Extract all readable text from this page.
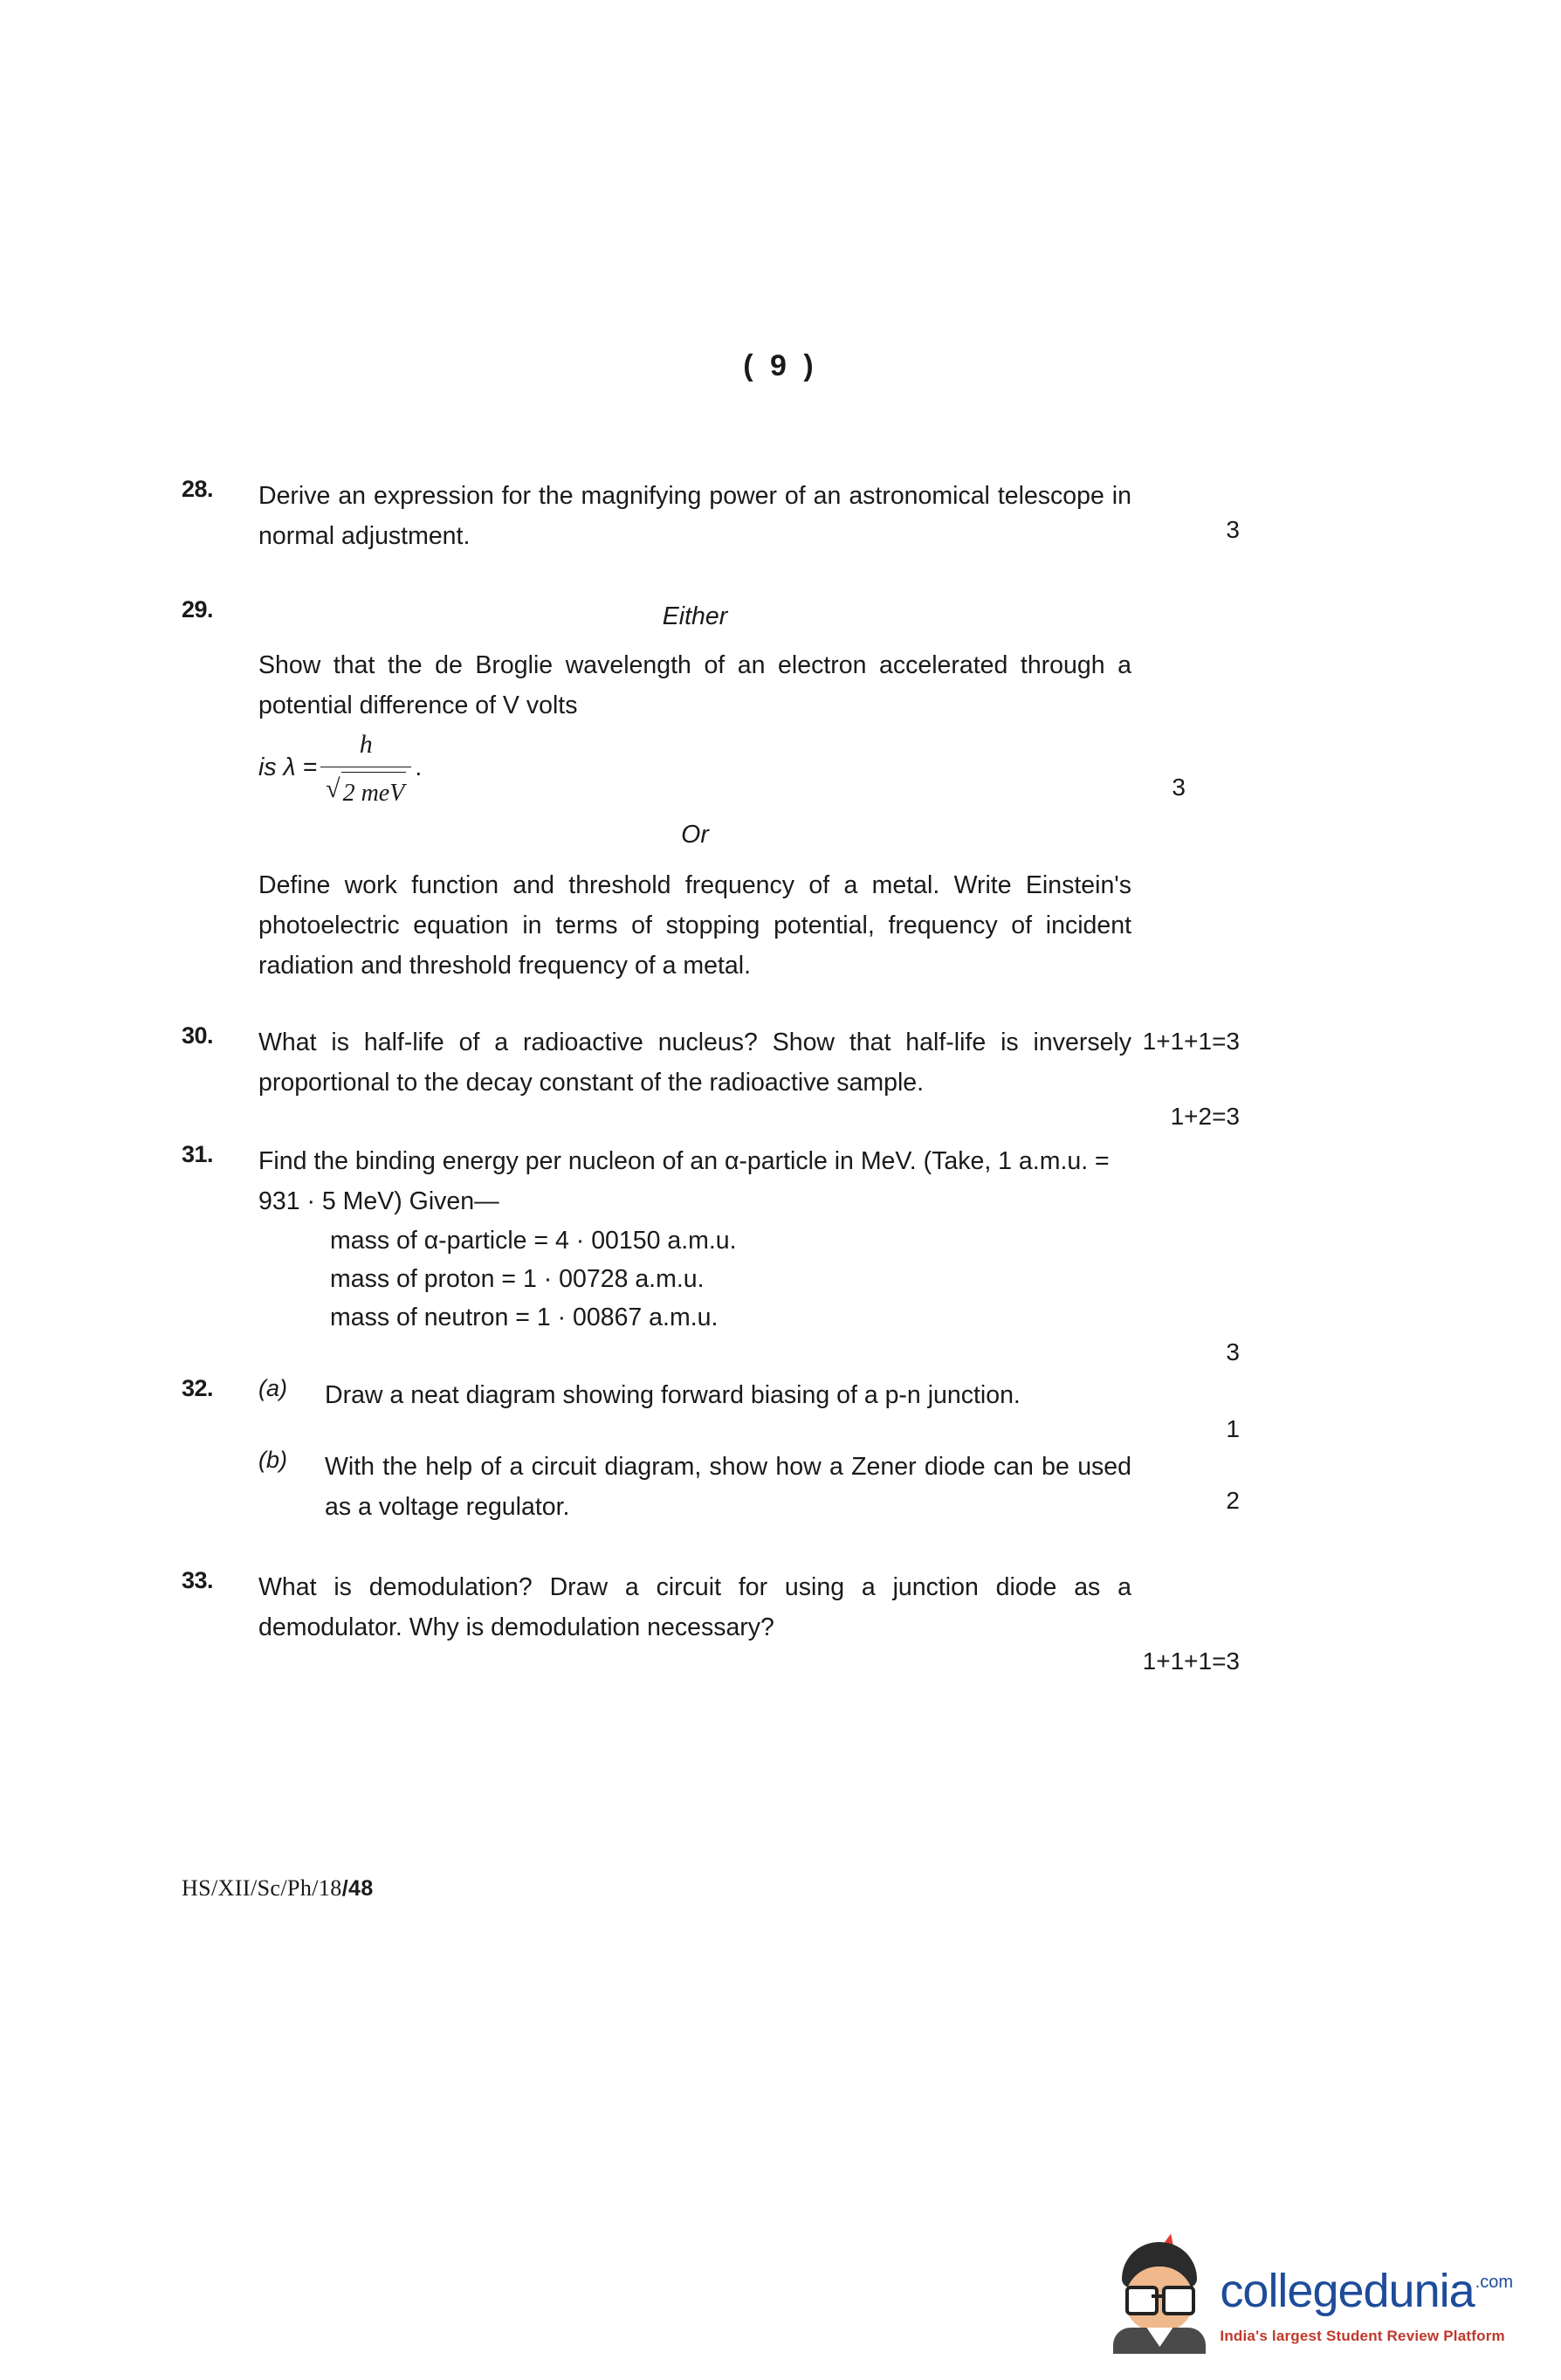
( 9 )
28.	Derive an expression for the magnifying power of an astronomical telescope in normal adjustment.	3
29.	Either
Show that the de Broglie wavelength of an electron accelerated through a potential difference of V volts
is $\lambda = \frac{h}{\text{√ 2 meV}}$ .
3
Or
Define work function and threshold frequency of a metal. Write Einstein's photoelectric equation in terms of stopping potential, frequency of incident radiation and threshold frequency of a metal.
1+1+1=3
30.	What is half-life of a radioactive nucleus? Show that half-life is inversely proportional to the decay constant of the radioactive sample.
1+2=3
31.	Find the binding energy per nucleon of an α-particle in MeV. (Take, 1 a.m.u. = 931 · 5 MeV) Given—
mass of α-particle = 4 · 00150 a.m.u.
mass of proton = 1 · 00728 a.m.u.
mass of neutron = 1 · 00867 a.m.u.
3
32.	(a)	Draw a neat diagram showing forward biasing of a p-n junction.
1
(b)	With the help of a circuit diagram, show how a Zener diode can be used as a voltage regulator.	2
33.	What is demodulation? Draw a circuit for using a junction diode as a demodulator. Why is demodulation necessary?
1+1+1=3
HS/XII/Sc/Ph/18/48
collegedunia$^{.com}$
India's largest Student Review Platform
